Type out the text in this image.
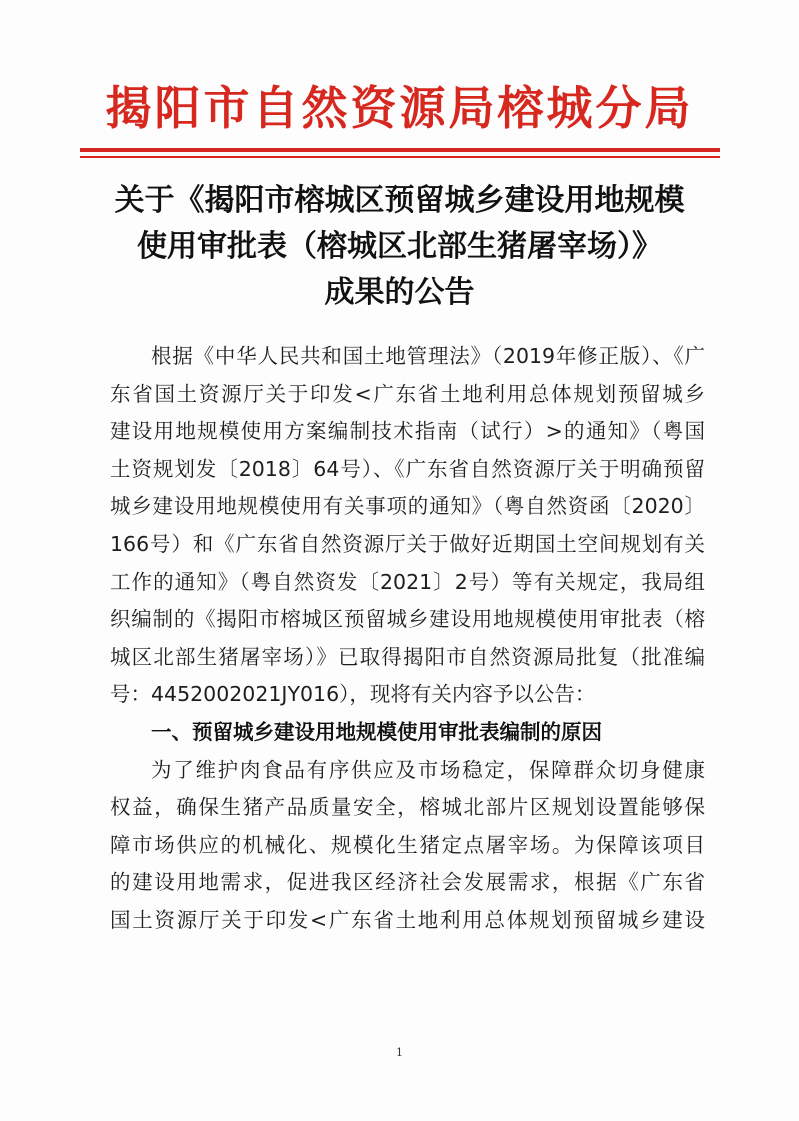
揭阳市自然资源局榕城分局
关于《揭阳市榕城区预留城乡建设用地规模
使用审批表（榕城区北部生猪屠宰场）》
成果的公告
根据《中华人民共和国土地管理法》（2019年修正版）、《广
东省国土资源厅关于印发<广东省土地利用总体规划预留城乡
建设用地规模使用方案编制技术指南（试行）>的通知》（粤国
土资规划发〔2018〕64号）、《广东省自然资源厅关于明确预留
城乡建设用地规模使用有关事项的通知》（粤自然资函〔2020〕
166号）和《广东省自然资源厅关于做好近期国土空间规划有关
工作的通知》（粤自然资发〔2021〕2号）等有关规定，我局组
织编制的《揭阳市榕城区预留城乡建设用地规模使用审批表（榕
城区北部生猪屠宰场）》已取得揭阳市自然资源局批复（批准编
号：4452002021JY016），现将有关内容予以公告：
一、预留城乡建设用地规模使用审批表编制的原因
为了维护肉食品有序供应及市场稳定，保障群众切身健康
权益，确保生猪产品质量安全，榕城北部片区规划设置能够保
障市场供应的机械化、规模化生猪定点屠宰场。为保障该项目
的建设用地需求，促进我区经济社会发展需求，根据《广东省
国土资源厅关于印发<广东省土地利用总体规划预留城乡建设
1
